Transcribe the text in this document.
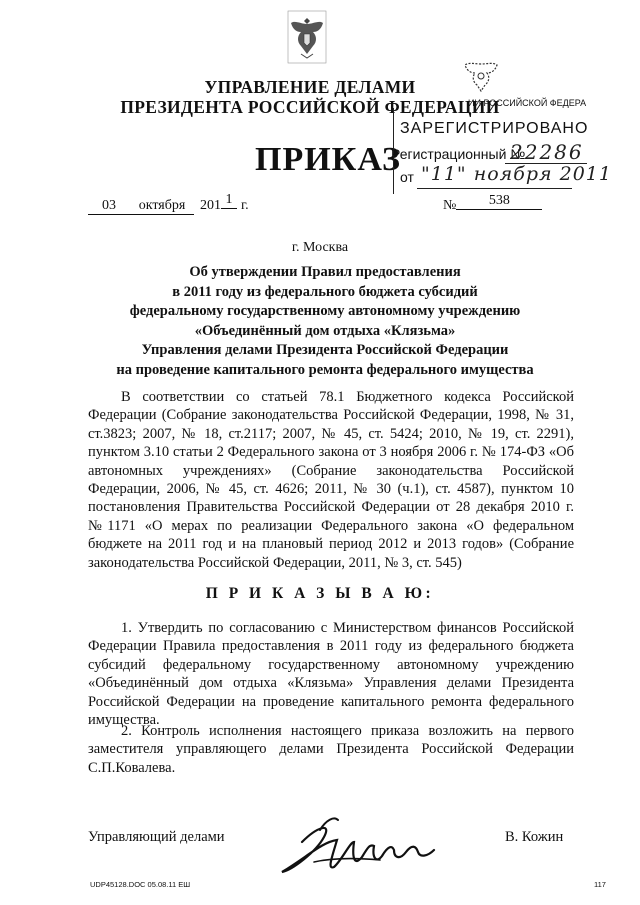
УПРАВЛЕНИЕ ДЕЛАМИ
ПРЕЗИДЕНТА РОССИЙСКОЙ ФЕДЕРАЦИИ
ПРИКАЗ
ИИ РОССИЙСКОЙ ФЕДЕРА
ЗАРЕГИСТРИРОВАНО
Регистрационный №
22286
от "11" ноября 2011
03 октября 201 1 г.	№ 538
г. Москва
Об утверждении Правил предоставления
в 2011 году из федерального бюджета субсидий
федеральному государственному автономному учреждению
«Объединённый дом отдыха «Клязьма»
Управления делами Президента Российской Федерации
на проведение капитального ремонта федерального имущества
В соответствии со статьей 78.1 Бюджетного кодекса Российской Федерации (Собрание законодательства Российской Федерации, 1998, № 31, ст.3823; 2007, № 18, ст.2117; 2007, № 45, ст. 5424; 2010, № 19, ст. 2291), пунктом 3.10 статьи 2 Федерального закона от 3 ноября 2006 г. № 174-ФЗ «Об автономных учреждениях» (Собрание законодательства Российской Федерации, 2006, № 45, ст. 4626; 2011, № 30 (ч.1), ст. 4587), пунктом 10 постановления Правительства Российской Федерации от 28 декабря 2010 г. №1171 «О мерах по реализации Федерального закона «О федеральном бюджете на 2011 год и на плановый период 2012 и 2013 годов» (Собрание законодательства Российской Федерации, 2011, № 3, ст. 545)
П Р И К А З Ы В А Ю:
1. Утвердить по согласованию с Министерством финансов Российской Федерации Правила предоставления в 2011 году из федерального бюджета субсидий федеральному государственному автономному учреждению «Объединённый дом отдыха «Клязьма» Управления делами Президента Российской Федерации на проведение капитального ремонта федерального имущества.
2. Контроль исполнения настоящего приказа возложить на первого заместителя управляющего делами Президента Российской Федерации С.П.Ковалева.
Управляющий делами	В. Кожин
UDP45128.DOC 05.08.11 ЕШ	117
